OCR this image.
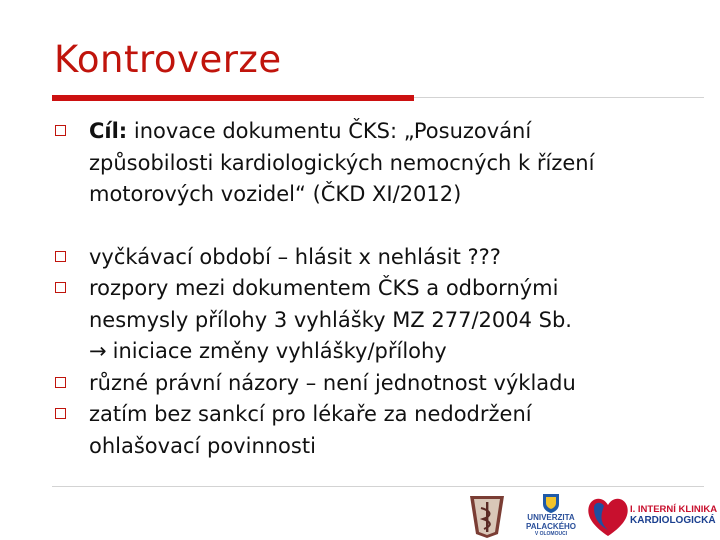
Kontroverze
Cíl: inovace dokumentu ČKS: „Posuzování
způsobilosti kardiologických nemocných k řízení
motorových vozidel“ (ČKD XI/2012)
vyčkávací období – hlásit x nehlásit ???
rozpory mezi dokumentem ČKS a odbornými
nesmysly přílohy 3 vyhlášky MZ 277/2004 Sb.
→ iniciace změny vyhlášky/přílohy
různé právní názory – není jednotnost výkladu
zatím bez sankcí pro lékaře za nedodržení
ohlašovací povinnosti
UNIVERZITA
PALACKÉHO
V OLOMOUCI
I. INTERNÍ KLINIKA
KARDIOLOGICKÁ
